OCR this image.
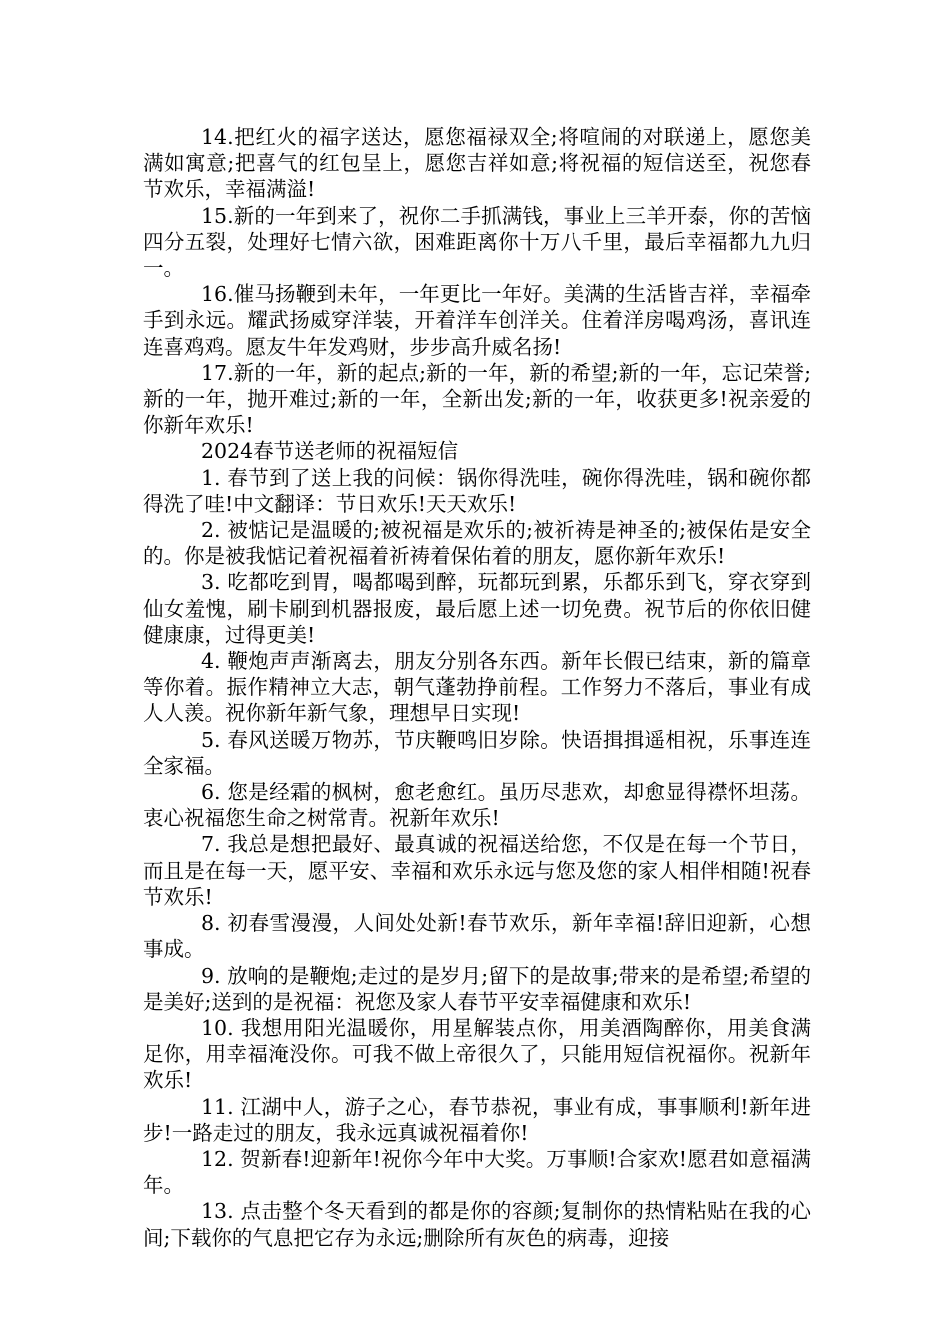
14.把红火的福字送达，愿您福禄双全;将喧闹的对联递上，愿您美满如寓意;把喜气的红包呈上，愿您吉祥如意;将祝福的短信送至，祝您春节欢乐，幸福满溢!

15.新的一年到来了，祝你二手抓满钱，事业上三羊开泰，你的苦恼四分五裂，处理好七情六欲，困难距离你十万八千里，最后幸福都九九归一。

16.催马扬鞭到未年，一年更比一年好。美满的生活皆吉祥，幸福牵手到永远。耀武扬威穿洋装，开着洋车创洋关。住着洋房喝鸡汤，喜讯连连喜鸡鸡。愿友牛年发鸡财，步步高升威名扬!

17.新的一年，新的起点;新的一年，新的希望;新的一年，忘记荣誉;新的一年，抛开难过;新的一年，全新出发;新的一年，收获更多!祝亲爱的你新年欢乐!

2024春节送老师的祝福短信

1. 春节到了送上我的问候：锅你得洗哇，碗你得洗哇，锅和碗你都得洗了哇!中文翻译：节日欢乐!天天欢乐!

2. 被惦记是温暖的;被祝福是欢乐的;被祈祷是神圣的;被保佑是安全的。你是被我惦记着祝福着祈祷着保佑着的朋友，愿你新年欢乐!

3. 吃都吃到胃，喝都喝到醉，玩都玩到累，乐都乐到飞，穿衣穿到仙女羞愧，刷卡刷到机器报废，最后愿上述一切免费。祝节后的你依旧健健康康，过得更美!

4. 鞭炮声声渐离去，朋友分别各东西。新年长假已结束，新的篇章等你着。振作精神立大志，朝气蓬勃挣前程。工作努力不落后，事业有成人人羡。祝你新年新气象，理想早日实现!

5. 春风送暖万物苏，节庆鞭鸣旧岁除。快语揖揖遥相祝，乐事连连全家福。

6. 您是经霜的枫树，愈老愈红。虽历尽悲欢，却愈显得襟怀坦荡。衷心祝福您生命之树常青。祝新年欢乐!

7. 我总是想把最好、最真诚的祝福送给您，不仅是在每一个节日，而且是在每一天，愿平安、幸福和欢乐永远与您及您的家人相伴相随!祝春节欢乐!

8. 初春雪漫漫，人间处处新!春节欢乐，新年幸福!辞旧迎新，心想事成。

9. 放响的是鞭炮;走过的是岁月;留下的是故事;带来的是希望;希望的是美好;送到的是祝福：祝您及家人春节平安幸福健康和欢乐!

10. 我想用阳光温暖你，用星解装点你，用美酒陶醉你，用美食满足你，用幸福淹没你。可我不做上帝很久了，只能用短信祝福你。祝新年欢乐!

11. 江湖中人，游子之心，春节恭祝，事业有成，事事顺利!新年进步!一路走过的朋友，我永远真诚祝福着你!

12. 贺新春!迎新年!祝你今年中大奖。万事顺!合家欢!愿君如意福满年。

13. 点击整个冬天看到的都是你的容颜;复制你的热情粘贴在我的心间;下载你的气息把它存为永远;删除所有灰色的病毒，迎接
